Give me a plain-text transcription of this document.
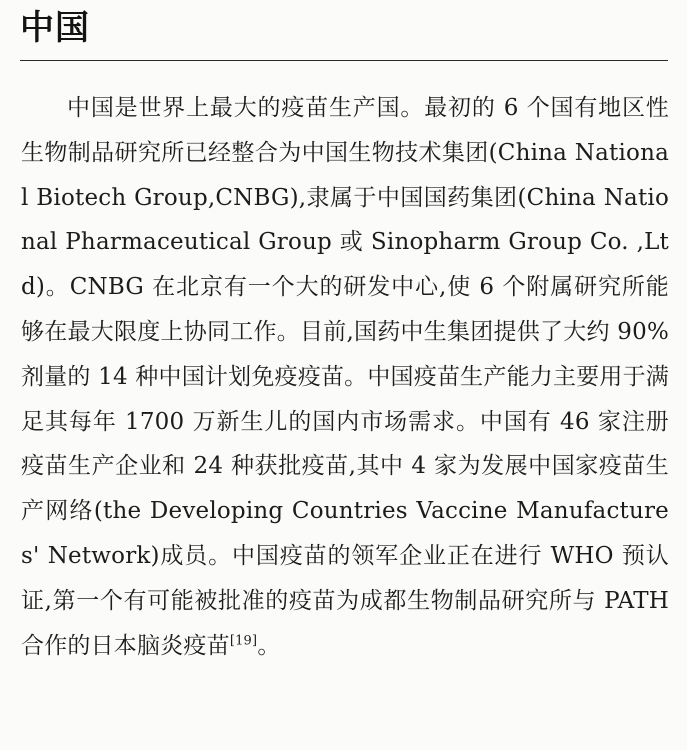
中国

中国是世界上最大的疫苗生产国。最初的 6 个国有地区性生物制品研究所已经整合为中国生物技术集团(China National Biotech Group,CNBG),隶属于中国国药集团(China National Pharmaceutical Group 或 Sinopharm Group Co. ,Ltd)。CNBG 在北京有一个大的研发中心,使 6 个附属研究所能够在最大限度上协同工作。目前,国药中生集团提供了大约 90% 剂量的 14 种中国计划免疫疫苗。中国疫苗生产能力主要用于满足其每年 1700 万新生儿的国内市场需求。中国有 46 家注册疫苗生产企业和 24 种获批疫苗,其中 4 家为发展中国家疫苗生产网络(the Developing Countries Vaccine Manufactures' Network)成员。中国疫苗的领军企业正在进行 WHO 预认证,第一个有可能被批准的疫苗为成都生物制品研究所与 PATH 合作的日本脑炎疫苗[19]。
